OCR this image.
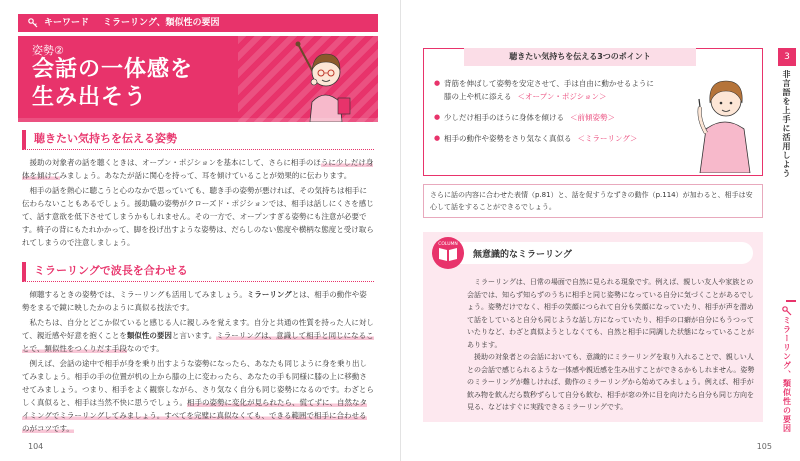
キーワード ミラーリング、類似性の要因
姿勢②
会話の一体感を
生み出そう
聴きたい気持ちを伝える姿勢

援助の対象者の話を聴くときは、オープン・ポジションを基本にして、さらに相手のほうに少しだけ身体を傾けてみましょう。あなたが話に関心を持って、耳を傾けていることが効果的に伝わります。

相手の話を熱心に聴こうと心のなかで思っていても、聴き手の姿勢が悪ければ、その気持ちは相手に伝わらないこともあるでしょう。援助職の姿勢がクローズド・ポジションでは、相手は話しにくさを感じて、話す意欲を低下させてしまうかもしれません。その一方で、オープンすぎる姿勢にも注意が必要です。椅子の背にもたれかかって、脚を投げ出すような姿勢は、だらしのない態度や横柄な態度と受け取られてしまうので注意しましょう。

ミラーリングで波長を合わせる

傾聴するときの姿勢では、ミラーリングも活用してみましょう。ミラーリングとは、相手の動作や姿勢をまるで鏡に映したかのように真似る技法です。

私たちは、自分とどこか似ていると感じる人に親しみを覚えます。自分と共通の性質を持った人に対して、親近感や好意を抱くことを類似性の要因と言います。ミラーリングは、意識して相手と同じになることで、類似性をつくりだす手段なのです。

例えば、会話の途中で相手が身を乗り出すような姿勢になったら、あなたも同じように身を乗り出してみましょう。相手の手の位置が机の上から膝の上に変わったら、あなたの手も同様に膝の上に移動させてみましょう。つまり、相手をよく観察しながら、さり気なく自分も同じ姿勢になるのです。わざとらしく真似ると、相手は当然不快に思うでしょう。相手の姿勢に変化が見られたら、慌てずに、自然なタイミングでミラーリングしてみましょう。すべてを完璧に真似なくても、できる範囲で相手に合わせるのがコツです。

104
聴きたい気持ちを伝える3つのポイント
● 背筋を伸ばして姿勢を安定させて、手は自由に動かせるように
膝の上や机に添える ＜オープン・ポジション＞
● 少しだけ相手のほうに身体を傾ける ＜前傾姿勢＞
● 相手の動作や姿勢をさり気なく真似る ＜ミラーリング＞
さらに話の内容に合わせた表情（p.81）と、話を促すうなずきの動作（p.114）が加わると、相手は安心して話をすることができるでしょう。
COLUMN
無意識的なミラーリング

ミラーリングは、日常の場面で自然に見られる現象です。例えば、親しい友人や家族との会話では、知らず知らずのうちに相手と同じ姿勢になっている自分に気づくことがあるでしょう。姿勢だけでなく、相手の笑顔につられて自分も笑顔になっていたり、相手が声を潜めて話をしていると自分も同じような話し方になっていたり、相手の口癖が自分にもうつっていたりなど、わざと真似ようとしなくても、自然と相手に同調した状態になっていることがあります。

援助の対象者との会話においても、意識的にミラーリングを取り入れることで、親しい人との会話で感じられるような一体感や親近感を生み出すことができるかもしれません。姿勢のミラーリングが難しければ、動作のミラーリングから始めてみましょう。例えば、相手が飲み物を飲んだら数秒ずらして自分も飲む、相手が窓の外に目を向けたら自分も同じ方向を見る、などはすぐに実践できるミラーリングです。

3
非言語を上手に活用しよう
ミラーリング、類似性の要因
105
